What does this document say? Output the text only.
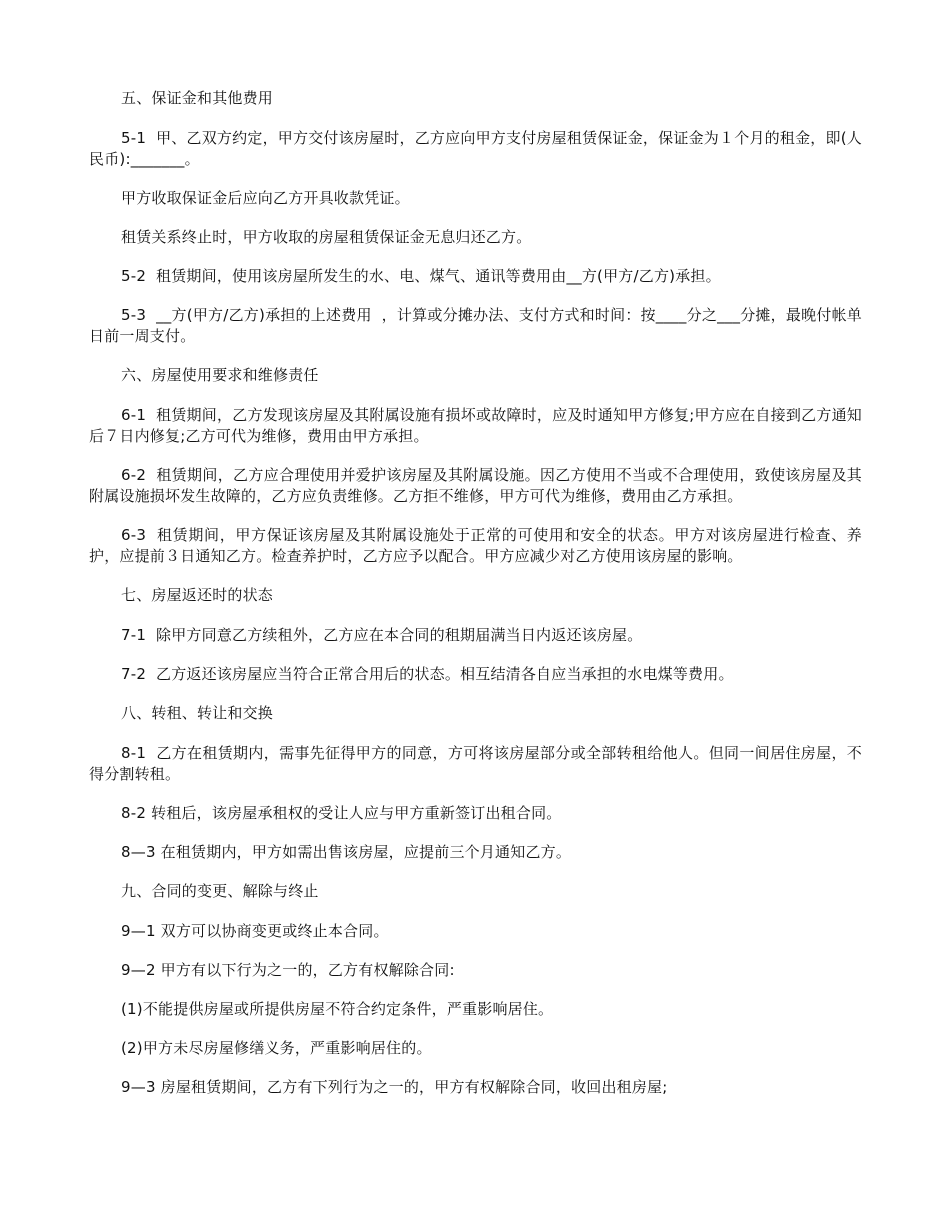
五、保证金和其他费用

5-1  甲、乙双方约定，甲方交付该房屋时，乙方应向甲方支付房屋租赁保证金，保证金为１个月的租金，即(人民币):_______。

甲方收取保证金后应向乙方开具收款凭证。

租赁关系终止时，甲方收取的房屋租赁保证金无息归还乙方。

5-2  租赁期间，使用该房屋所发生的水、电、煤气、通讯等费用由__方(甲方/乙方)承担。

5-3  __方(甲方/乙方)承担的上述费用  ，计算或分摊办法、支付方式和时间：按____分之___分摊，最晚付帐单日前一周支付。

六、房屋使用要求和维修责任

6-1  租赁期间，乙方发现该房屋及其附属设施有损坏或故障时，应及时通知甲方修复;甲方应在自接到乙方通知后７日内修复;乙方可代为维修，费用由甲方承担。

6-2  租赁期间，乙方应合理使用并爱护该房屋及其附属设施。因乙方使用不当或不合理使用，致使该房屋及其附属设施损坏发生故障的，乙方应负责维修。乙方拒不维修，甲方可代为维修，费用由乙方承担。

6-3  租赁期间，甲方保证该房屋及其附属设施处于正常的可使用和安全的状态。甲方对该房屋进行检查、养护，应提前３日通知乙方。检查养护时，乙方应予以配合。甲方应减少对乙方使用该房屋的影响。

七、房屋返还时的状态

7-1  除甲方同意乙方续租外，乙方应在本合同的租期届满当日内返还该房屋。

7-2  乙方返还该房屋应当符合正常合用后的状态。相互结清各自应当承担的水电煤等费用。

八、转租、转让和交换

8-1  乙方在租赁期内，需事先征得甲方的同意，方可将该房屋部分或全部转租给他人。但同一间居住房屋，不得分割转租。

8-2 转租后，该房屋承租权的受让人应与甲方重新签订出租合同。

8—3 在租赁期内，甲方如需出售该房屋，应提前三个月通知乙方。

九、合同的变更、解除与终止

9—1 双方可以协商变更或终止本合同。

9—2 甲方有以下行为之一的，乙方有权解除合同:

(1)不能提供房屋或所提供房屋不符合约定条件，严重影响居住。

(2)甲方未尽房屋修缮义务，严重影响居住的。

9—3 房屋租赁期间，乙方有下列行为之一的，甲方有权解除合同，收回出租房屋;
